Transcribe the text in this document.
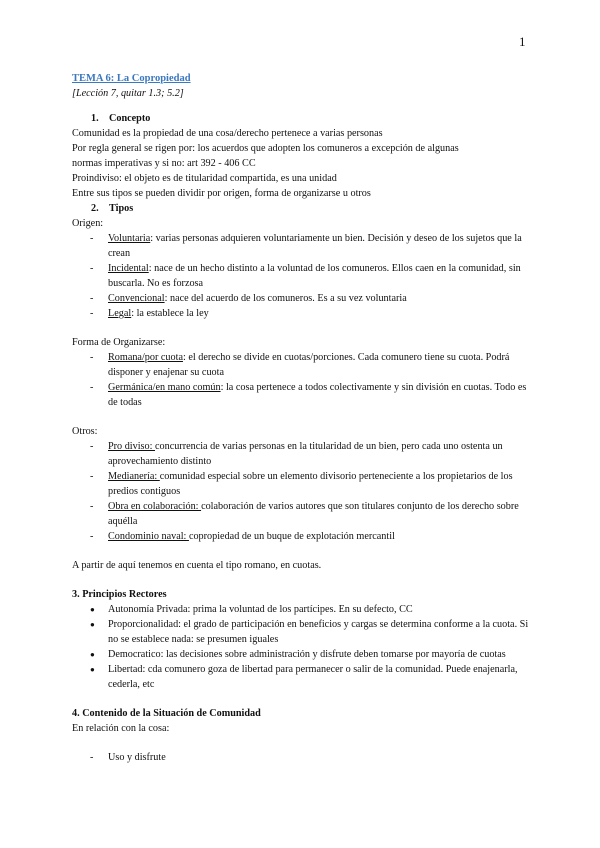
1
TEMA 6: La Copropiedad
[Lección 7, quitar 1.3; 5.2]
1. Concepto

Comunidad es la propiedad de una cosa/derecho pertenece a varias personas

Por regla general se rigen por: los acuerdos que adopten los comuneros a excepción de algunas

normas imperativas y si no: art 392 - 406 CC

Proindiviso: el objeto es de titularidad compartida, es una unidad

Entre sus tipos se pueden dividir por origen, forma de organizarse u otros

2. Tipos

Origen:

- Voluntaria: varias personas adquieren voluntariamente un bien. Decisión y deseo de los sujetos que la crean
- Incidental: nace de un hecho distinto a la voluntad de los comuneros. Ellos caen en la comunidad, sin buscarla. No es forzosa
- Convencional: nace del acuerdo de los comuneros. Es a su vez voluntaria
- Legal: la establece la ley

Forma de Organizarse:

- Romana/por cuota: el derecho se divide en cuotas/porciones. Cada comunero tiene su cuota. Podrá disponer y enajenar su cuota
- Germánica/en mano común: la cosa pertenece a todos colectivamente y sin división en cuotas. Todo es de todas

Otros:

- Pro diviso: concurrencia de varias personas en la titularidad de un bien, pero cada uno ostenta un aprovechamiento distinto
- Medianería: comunidad especial sobre un elemento divisorio perteneciente a los propietarios de los predios contiguos
- Obra en colaboración: colaboración de varios autores que son titulares conjunto de los derecho sobre aquélla
- Condominio naval: copropiedad de un buque de explotación mercantil

A partir de aquí tenemos en cuenta el tipo romano, en cuotas.

3. Principios Rectores
● Autonomía Privada: prima la voluntad de los partícipes. En su defecto, CC
● Proporcionalidad: el grado de participación en beneficios y cargas se determina conforme a la cuota. Si no se establece nada: se presumen iguales
● Democratico: las decisiones sobre administración y disfrute deben tomarse por mayoría de cuotas
● Libertad: cda comunero goza de libertad para permanecer o salir de la comunidad. Puede enajenarla, cederla, etc
4. Contenido de la Situación de Comunidad

En relación con la cosa:

- Uso y disfrute
